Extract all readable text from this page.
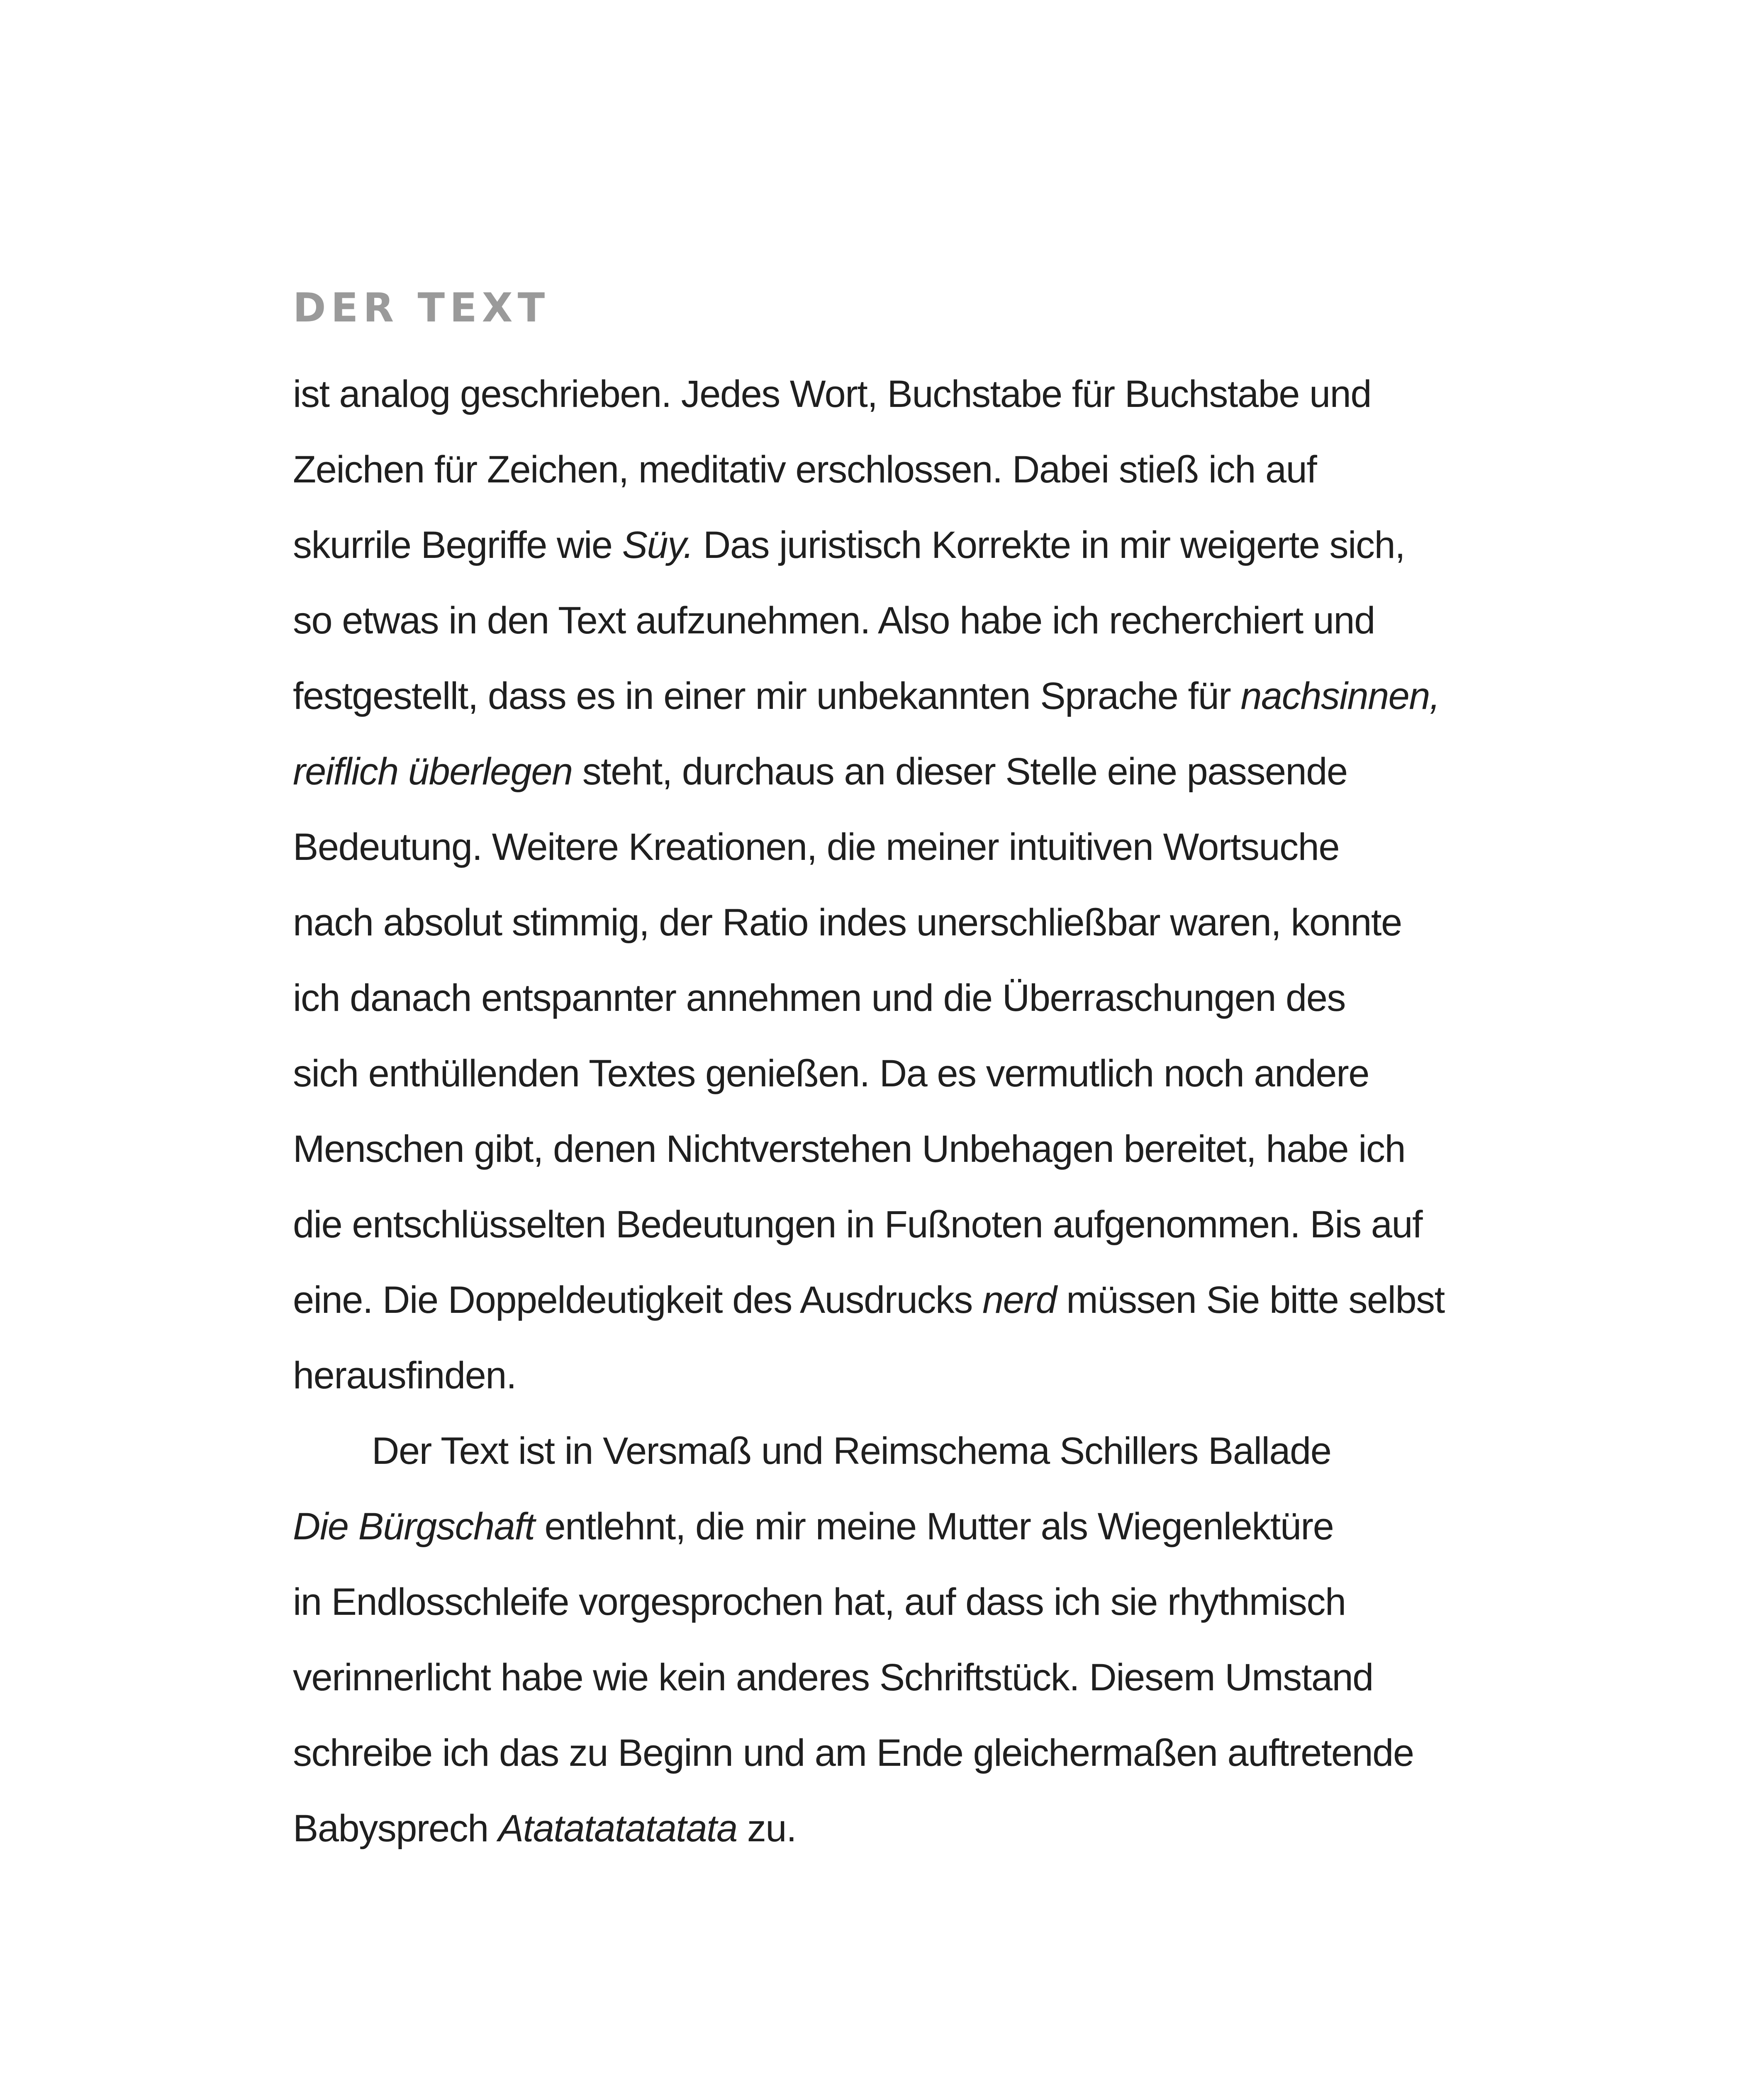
DER TEXT
ist analog geschrieben. Jedes Wort, Buchstabe für Buchstabe und
Zeichen für Zeichen, meditativ erschlossen. Dabei stieß ich auf
skurrile Begriffe wie Süy. Das juristisch Korrekte in mir weigerte sich,
so etwas in den Text aufzunehmen. Also habe ich recherchiert und
festgestellt, dass es in einer mir unbekannten Sprache für nachsinnen,
reiflich überlegen steht, durchaus an dieser Stelle eine passende
Bedeutung. Weitere Kreationen, die meiner intuitiven Wortsuche
nach absolut stimmig, der Ratio indes unerschließbar waren, konnte
ich danach entspannter annehmen und die Überraschungen des
sich enthüllenden Textes genießen. Da es vermutlich noch andere
Menschen gibt, denen Nichtverstehen Unbehagen bereitet, habe ich
die entschlüsselten Bedeutungen in Fußnoten aufgenommen. Bis auf
eine. Die Doppeldeutigkeit des Ausdrucks nerd müssen Sie bitte selbst
herausfinden.
Der Text ist in Versmaß und Reimschema Schillers Ballade
Die Bürgschaft entlehnt, die mir meine Mutter als Wiegenlektüre
in Endlosschleife vorgesprochen hat, auf dass ich sie rhythmisch
verinnerlicht habe wie kein anderes Schriftstück. Diesem Umstand
schreibe ich das zu Beginn und am Ende gleichermaßen auftretende
Babysprech Atatatatatatata zu.
